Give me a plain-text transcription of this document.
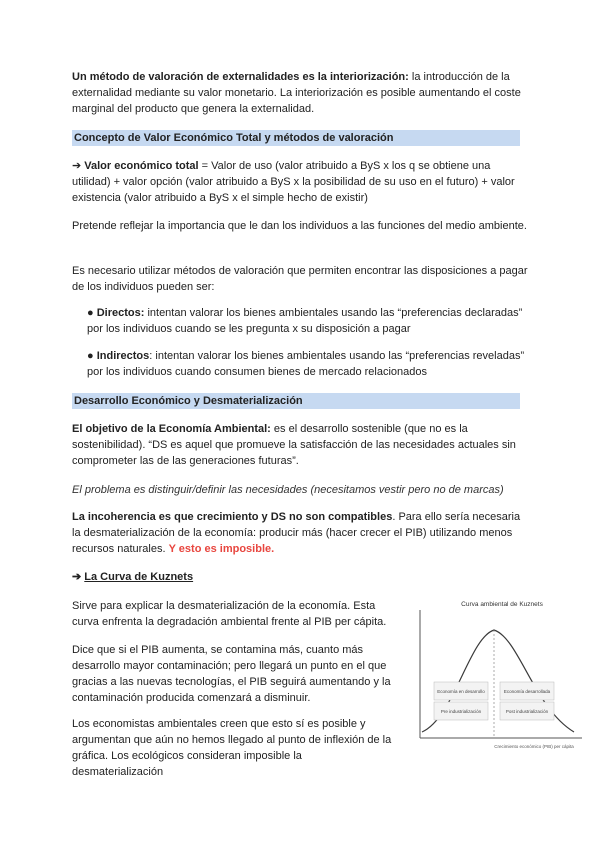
Un método de valoración de externalidades es la interiorización: la introducción de la externalidad mediante su valor monetario. La interiorización es posible aumentando el coste marginal del producto que genera la externalidad.

Concepto de Valor Económico Total y métodos de valoración

➔ Valor económico total = Valor de uso (valor atribuido a ByS x los q se obtiene una utilidad) + valor opción (valor atribuido a ByS x la posibilidad de su uso en el futuro) + valor existencia (valor atribuido a ByS x el simple hecho de existir)

Pretende reflejar la importancia que le dan los individuos a las funciones del medio ambiente.

Es necesario utilizar métodos de valoración que permiten encontrar las disposiciones a pagar de los individuos pueden ser:

● Directos: intentan valorar los bienes ambientales usando las “preferencias declaradas” por los individuos cuando se les pregunta x su disposición a pagar

● Indirectos: intentan valorar los bienes ambientales usando las “preferencias reveladas” por los individuos cuando consumen bienes de mercado relacionados

Desarrollo Económico y Desmaterialización

El objetivo de la Economía Ambiental: es el desarrollo sostenible (que no es la sostenibilidad). “DS es aquel que promueve la satisfacción de las necesidades actuales sin comprometer las de las generaciones futuras”.

El problema es distinguir/definir las necesidades (necesitamos vestir pero no de marcas)

La incoherencia es que crecimiento y DS no son compatibles. Para ello sería necesaria la desmaterialización de la economía: producir más (hacer crecer el PIB) utilizando menos recursos naturales. Y esto es imposible.

➔ La Curva de Kuznets

Sirve para explicar la desmaterialización de la economía. Esta curva enfrenta la degradación ambiental frente al PIB per cápita.

Dice que si el PIB aumenta, se contamina más, cuanto más desarrollo mayor contaminación; pero llegará un punto en el que gracias a las nuevas tecnologías, el PIB seguirá aumentando y la contaminación producida comenzará a disminuir.

Los economistas ambientales creen que esto sí es posible y argumentan que aún no hemos llegado al punto de inflexión de la gráfica. Los ecológicos consideran imposible la desmaterialización

Curva ambiental de Kuznets
Economía en desarrollo
Pre industrialización
Economía desarrollada
Post industrialización
Crecimiento económico (PIB) per cápita
